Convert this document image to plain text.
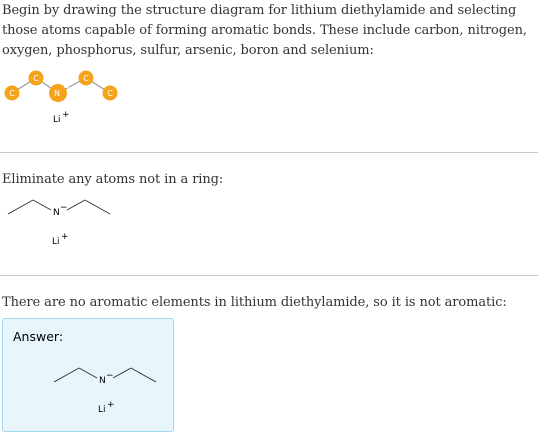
Begin by drawing the structure diagram for lithium diethylamide and selecting those atoms capable of forming aromatic bonds. These include carbon, nitrogen, oxygen, phosphorus, sulfur, arsenic, boron and selenium:

C
C
N
−
C
C
Li +

Eliminate any atoms not in a ring:

N −
Li +

There are no aromatic elements in lithium diethylamide, so it is not aromatic:

Answer:
N −
Li +
